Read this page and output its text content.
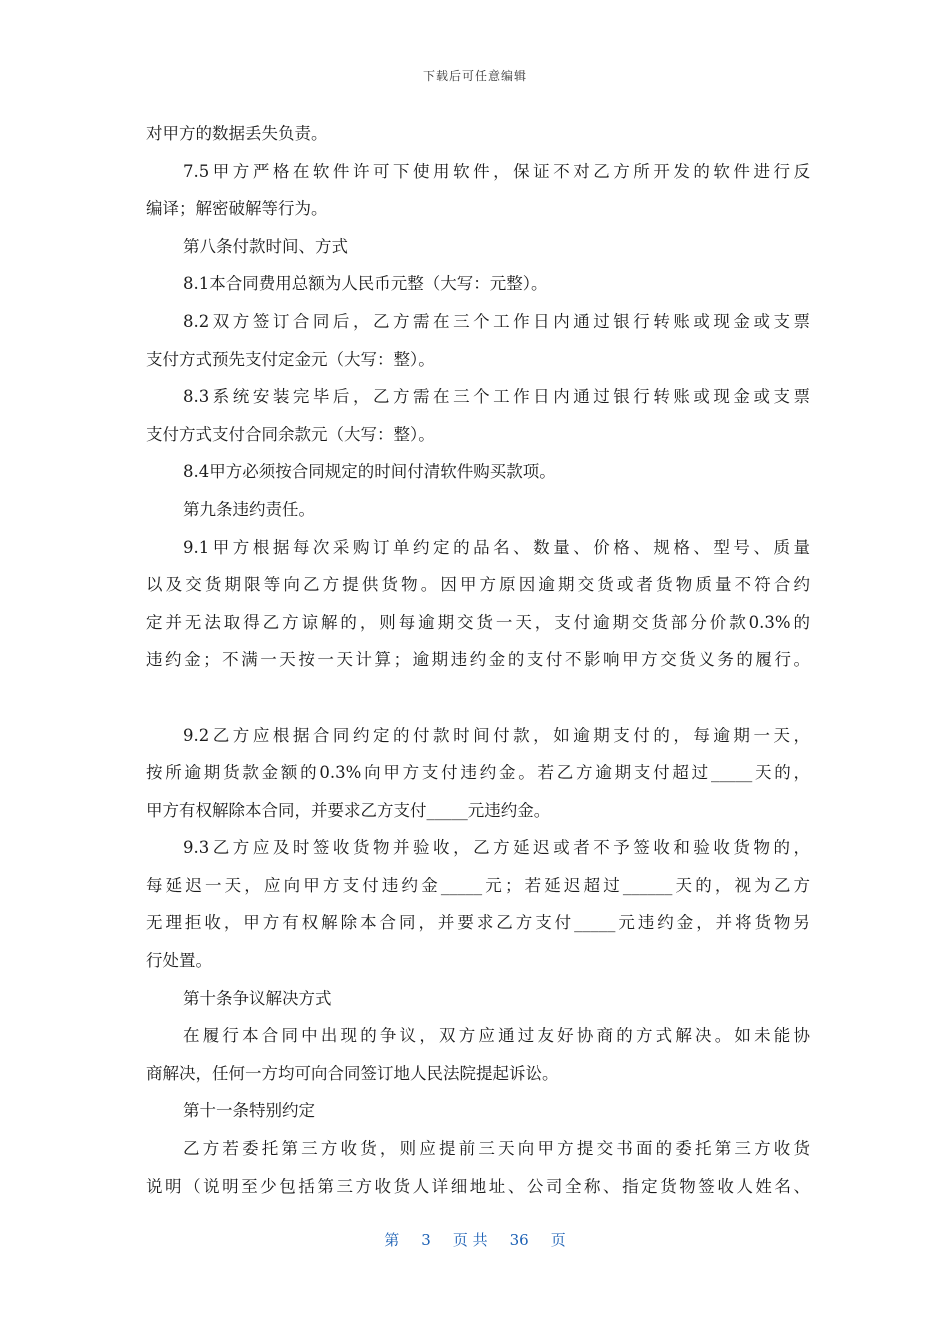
下载后可任意编辑
对甲方的数据丢失负责。
7.5甲方严格在软件许可下使用软件，保证不对乙方所开发的软件进行反
编译；解密破解等行为。
第八条付款时间、方式
8.1本合同费用总额为人民币元整（大写：元整）。
8.2双方签订合同后，乙方需在三个工作日内通过银行转账或现金或支票
支付方式预先支付定金元（大写：整）。
8.3系统安装完毕后，乙方需在三个工作日内通过银行转账或现金或支票
支付方式支付合同余款元（大写：整）。
8.4甲方必须按合同规定的时间付清软件购买款项。
第九条违约责任。
9.1甲方根据每次采购订单约定的品名、数量、价格、规格、型号、质量
以及交货期限等向乙方提供货物。因甲方原因逾期交货或者货物质量不符合约
定并无法取得乙方谅解的，则每逾期交货一天，支付逾期交货部分价款0.3%的
违约金；不满一天按一天计算；逾期违约金的支付不影响甲方交货义务的履行。
9.2乙方应根据合同约定的付款时间付款，如逾期支付的，每逾期一天，
按所逾期货款金额的0.3%向甲方支付违约金。若乙方逾期支付超过_____天的，
甲方有权解除本合同，并要求乙方支付_____元违约金。
9.3乙方应及时签收货物并验收，乙方延迟或者不予签收和验收货物的，
每延迟一天，应向甲方支付违约金_____元；若延迟超过______天的，视为乙方
无理拒收，甲方有权解除本合同，并要求乙方支付_____元违约金，并将货物另
行处置。
第十条争议解决方式
在履行本合同中出现的争议，双方应通过友好协商的方式解决。如未能协
商解决，任何一方均可向合同签订地人民法院提起诉讼。
第十一条特别约定
乙方若委托第三方收货，则应提前三天向甲方提交书面的委托第三方收货
说明（说明至少包括第三方收货人详细地址、公司全称、指定货物签收人姓名、
第 3 页 共 36 页
